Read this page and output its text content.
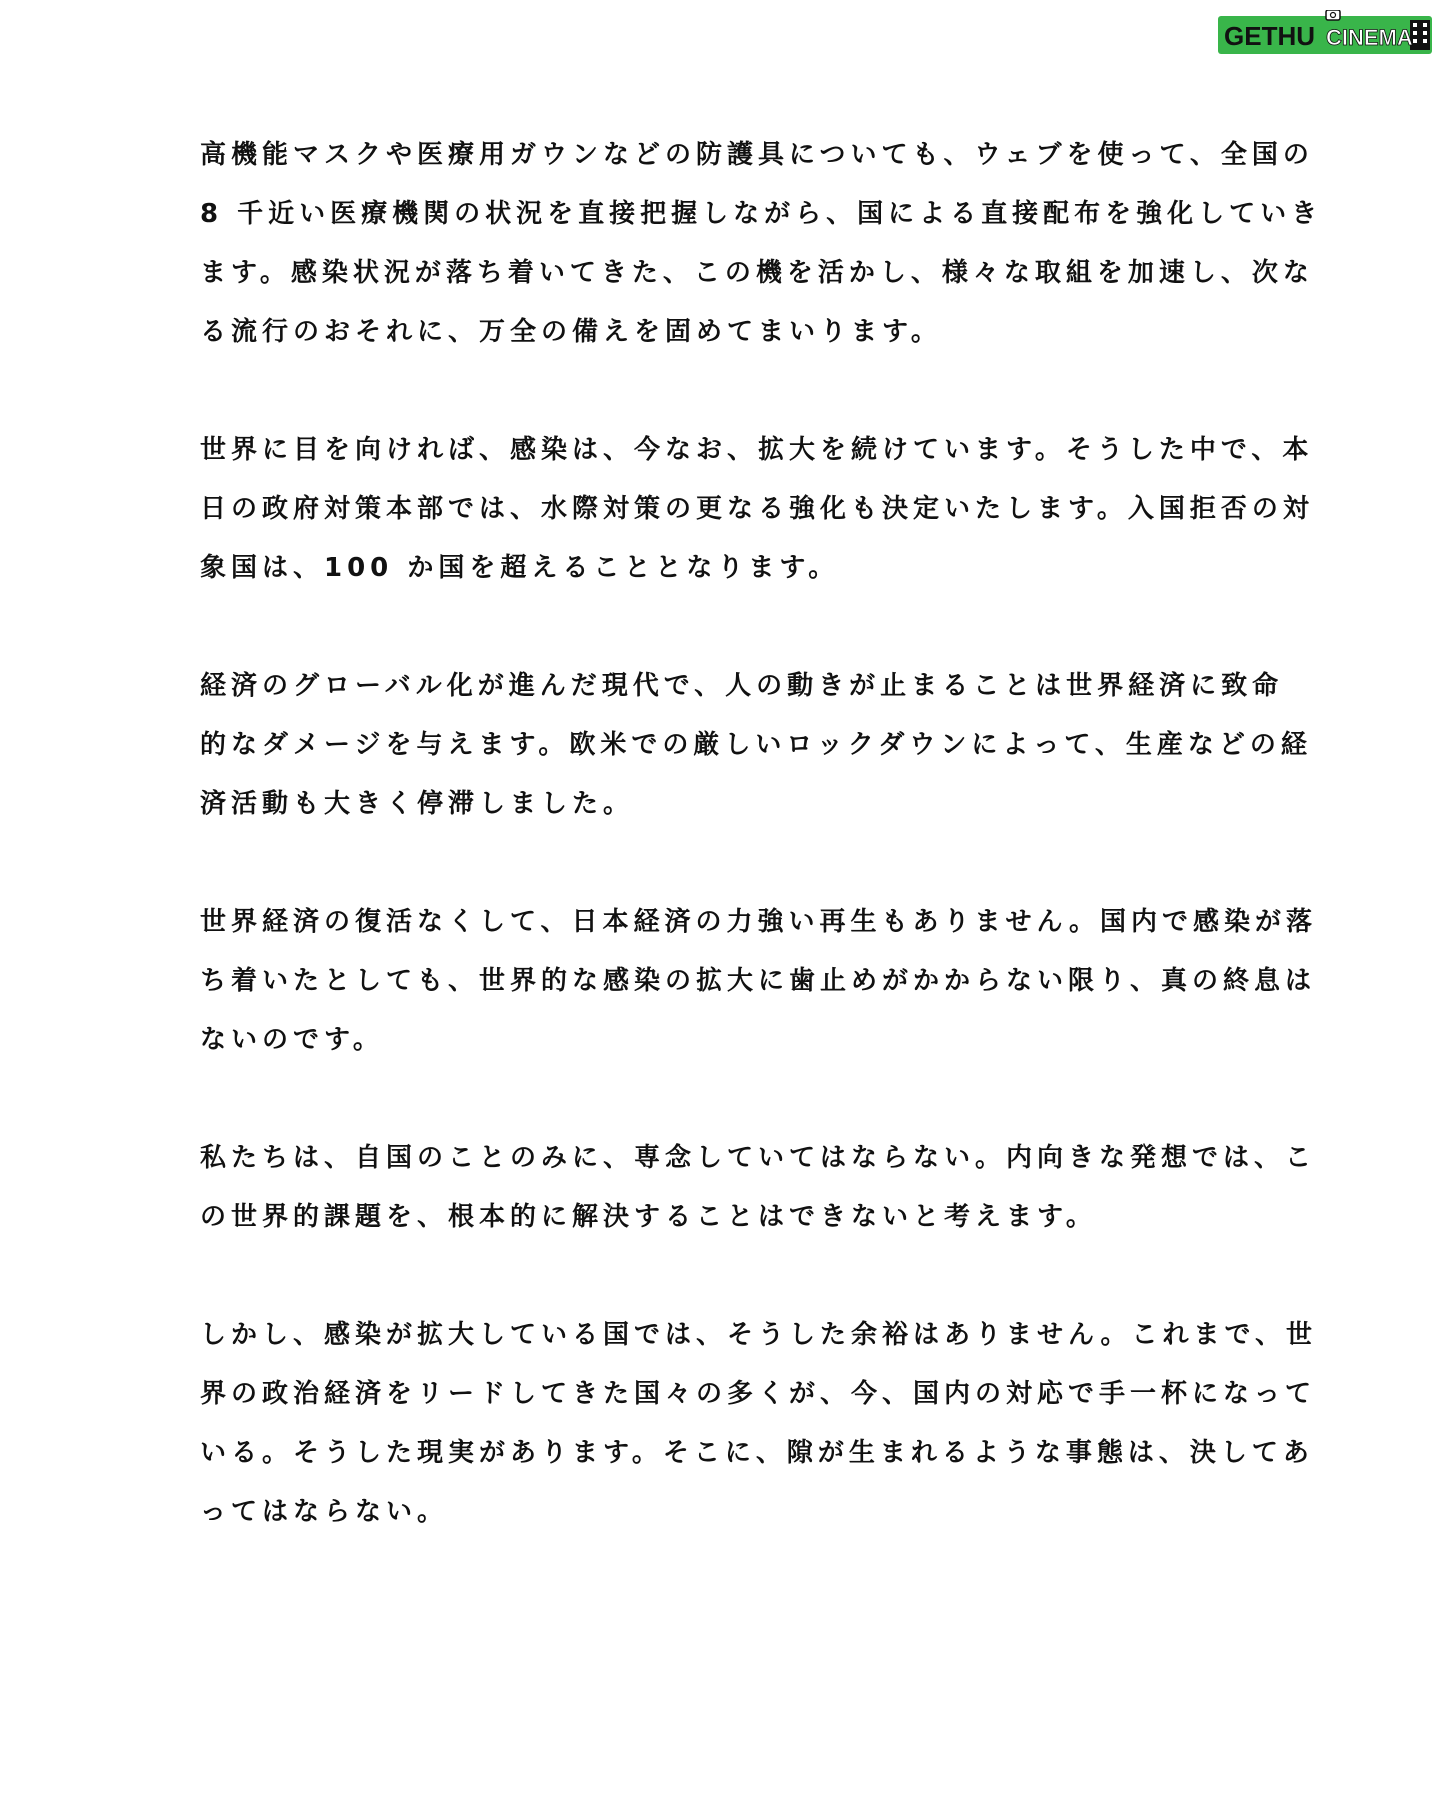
GETHU CINEMA
高機能マスクや医療用ガウンなどの防護具についても、ウェブを使って、全国の
8 千近い医療機関の状況を直接把握しながら、国による直接配布を強化していき
ます。感染状況が落ち着いてきた、この機を活かし、様々な取組を加速し、次な
る流行のおそれに、万全の備えを固めてまいります。
世界に目を向ければ、感染は、今なお、拡大を続けています。そうした中で、本
日の政府対策本部では、水際対策の更なる強化も決定いたします。入国拒否の対
象国は、100 か国を超えることとなります。
経済のグローバル化が進んだ現代で、人の動きが止まることは世界経済に致命
的なダメージを与えます。欧米での厳しいロックダウンによって、生産などの経
済活動も大きく停滞しました。
世界経済の復活なくして、日本経済の力強い再生もありません。国内で感染が落
ち着いたとしても、世界的な感染の拡大に歯止めがかからない限り、真の終息は
ないのです。
私たちは、自国のことのみに、専念していてはならない。内向きな発想では、こ
の世界的課題を、根本的に解決することはできないと考えます。
しかし、感染が拡大している国では、そうした余裕はありません。これまで、世
界の政治経済をリードしてきた国々の多くが、今、国内の対応で手一杯になって
いる。そうした現実があります。そこに、隙が生まれるような事態は、決してあ
ってはならない。
